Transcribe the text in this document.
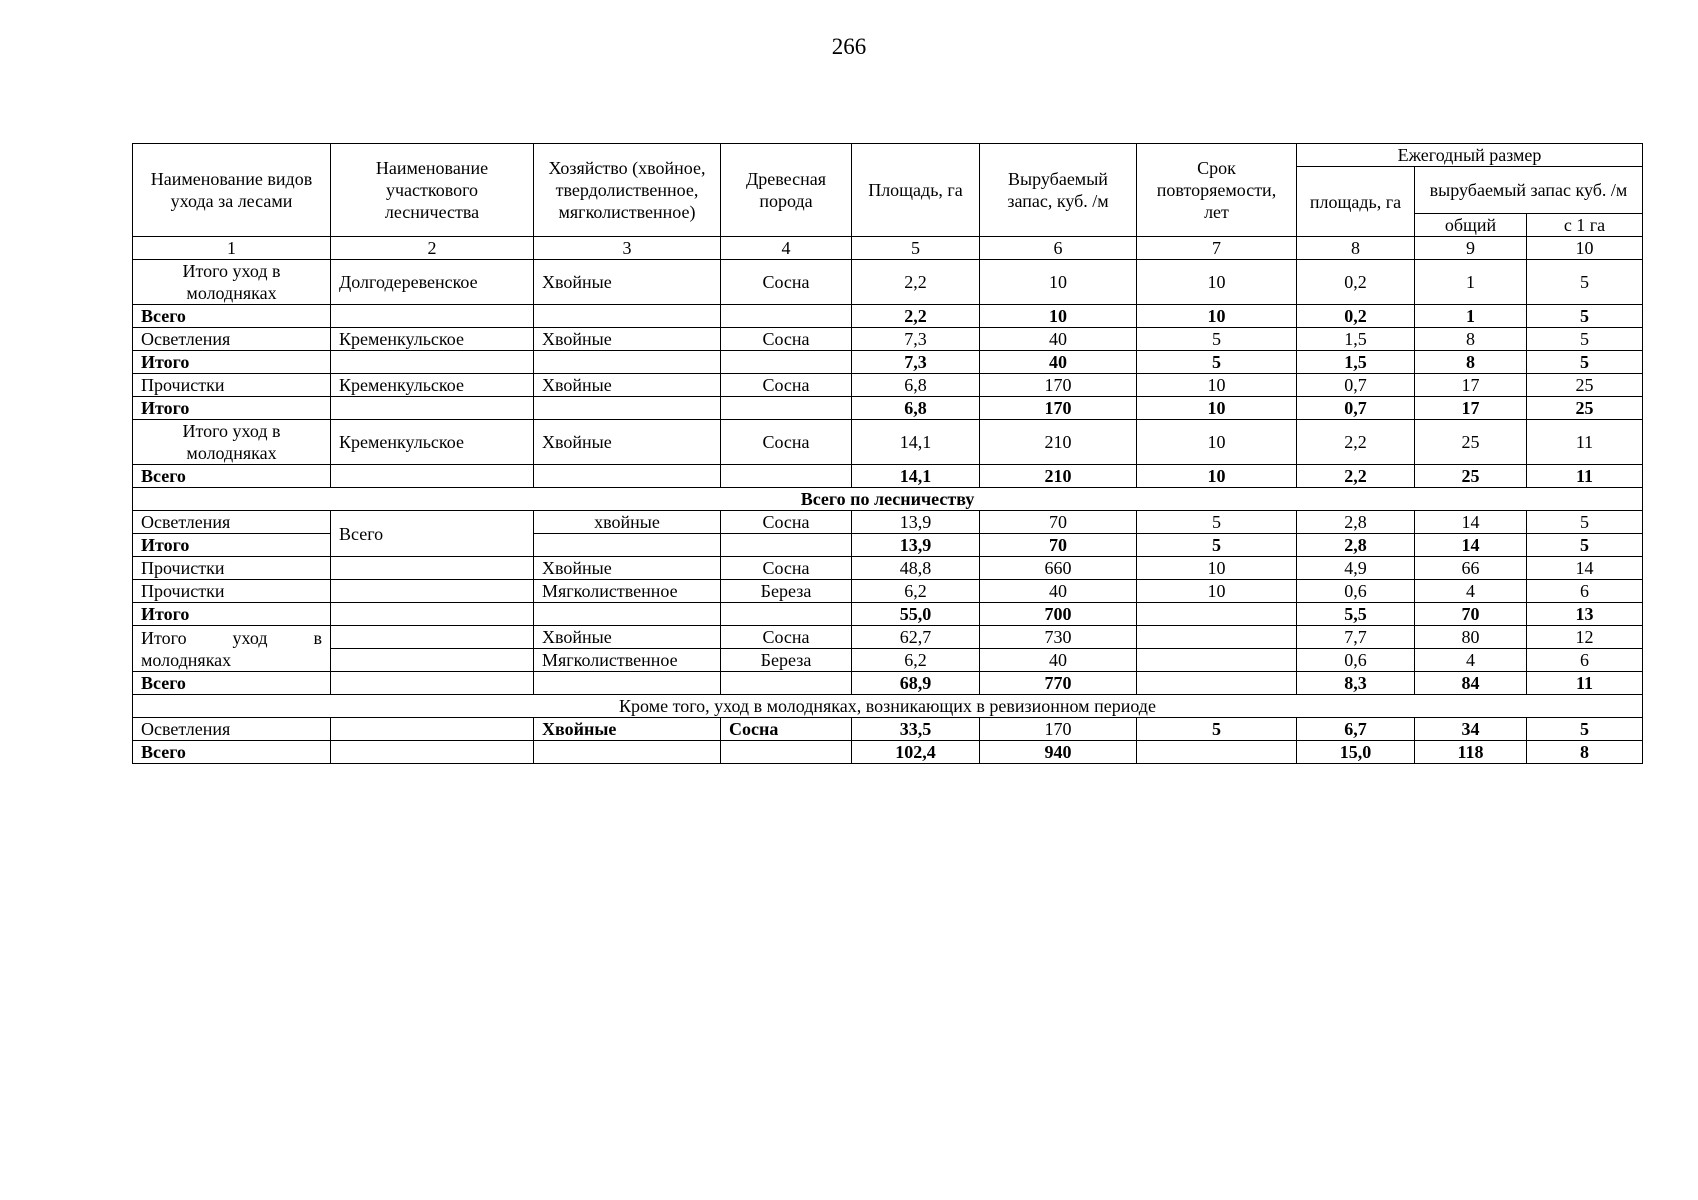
266
Наименование видов ухода за лесами	Наименование участкового лесничества	Хозяйство (хвойное, твердолиственное, мягколиственное)	Древесная порода	Площадь, га	Вырубаемый запас, куб. /м	Срок повторяемости, лет	Ежегодный размер		
							площадь, га	вырубаемый запас куб. /м	
								общий	с 1 га
1	2	3	4	5	6	7	8	9	10
Итого уход в молодняках	Долгодеревенское	Хвойные	Сосна	2,2	10	10	0,2	1	5
Всего				2,2	10	10	0,2	1	5
Осветления	Кременкульское	Хвойные	Сосна	7,3	40	5	1,5	8	5
Итого				7,3	40	5	1,5	8	5
Прочистки	Кременкульское	Хвойные	Сосна	6,8	170	10	0,7	17	25
Итого				6,8	170	10	0,7	17	25
Итого уход в молодняках	Кременкульское	Хвойные	Сосна	14,1	210	10	2,2	25	11
Всего				14,1	210	10	2,2	25	11
Всего по лесничеству									
Осветления	Всего	хвойные	Сосна	13,9	70	5	2,8	14	5
Итого				13,9	70	5	2,8	14	5
Прочистки		Хвойные	Сосна	48,8	660	10	4,9	66	14
Прочистки		Мягколиственное	Береза	6,2	40	10	0,6	4	6
Итого				55,0	700		5,5	70	13

Итого уход в
молодняках		Хвойные	Сосна	62,7	730		7,7	80	12
		Мягколиственное	Береза	6,2	40		0,6	4	6
Всего				68,9	770		8,3	84	11
Кроме того, уход в молодняках, возникающих в ревизионном периоде									
Осветления		Хвойные	Сосна	33,5	170	5	6,7	34	5
Всего				102,4	940		15,0	118	8
